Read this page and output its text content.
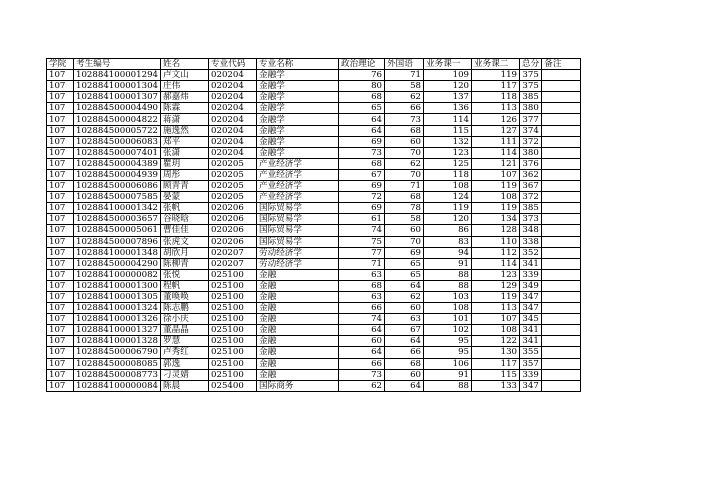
学院	考生编号	姓名	专业代码	专业名称	政治理论	外国语	业务课一	业务课二	总分	备注
107	102884100001294	卢文山	020204	金融学	76	71	109	119	375	
107	102884100001304	庄伟	020204	金融学	80	58	120	117	375	
107	102884100001307	郝嘉炜	020204	金融学	68	62	137	118	385	
107	102884500004490	陈霖	020204	金融学	65	66	136	113	380	
107	102884500004822	蒋潇	020204	金融学	64	73	114	126	377	
107	102884500005722	施逸然	020204	金融学	64	68	115	127	374	
107	102884500006083	郑平	020204	金融学	69	60	132	111	372	
107	102884500007401	张潇	020204	金融学	73	70	123	114	380	
107	102884500004389	瞿玥	020205	产业经济学	68	62	125	121	376	
107	102884500004939	周彤	020205	产业经济学	67	70	118	107	362	
107	102884500006086	顾青青	020205	产业经济学	69	71	108	119	367	
107	102884500007585	晏蒙	020205	产业经济学	72	68	124	108	372	
107	102884100001342	张帆	020206	国际贸易学	69	78	119	119	385	
107	102884500003657	谷晓晗	020206	国际贸易学	61	58	120	134	373	
107	102884500005061	曹佳佳	020206	国际贸易学	74	60	86	128	348	
107	102884500007896	张虎文	020206	国际贸易学	75	70	83	110	338	
107	102884100001348	胡欣月	020207	劳动经济学	77	69	94	112	352	
107	102884500004290	陈柳青	020207	劳动经济学	71	65	91	114	341	
107	102884100000082	张悦	025100	金融	63	65	88	123	339	
107	102884100001300	程帆	025100	金融	68	64	88	129	349	
107	102884100001305	董唤唤	025100	金融	63	62	103	119	347	
107	102884100001324	陈志鹏	025100	金融	66	60	108	113	347	
107	102884100001326	徐小庆	025100	金融	74	63	101	107	345	
107	102884100001327	董晶晶	025100	金融	64	67	102	108	341	
107	102884100001328	罗慧	025100	金融	60	64	95	122	341	
107	102884500006790	卢秀红	025100	金融	64	66	95	130	355	
107	102884500008085	郭逸	025100	金融	66	68	106	117	357	
107	102884500008773	刁灵婧	025100	金融	73	60	91	115	339	
107	102884100000084	陈晨	025400	国际商务	62	64	88	133	347	
